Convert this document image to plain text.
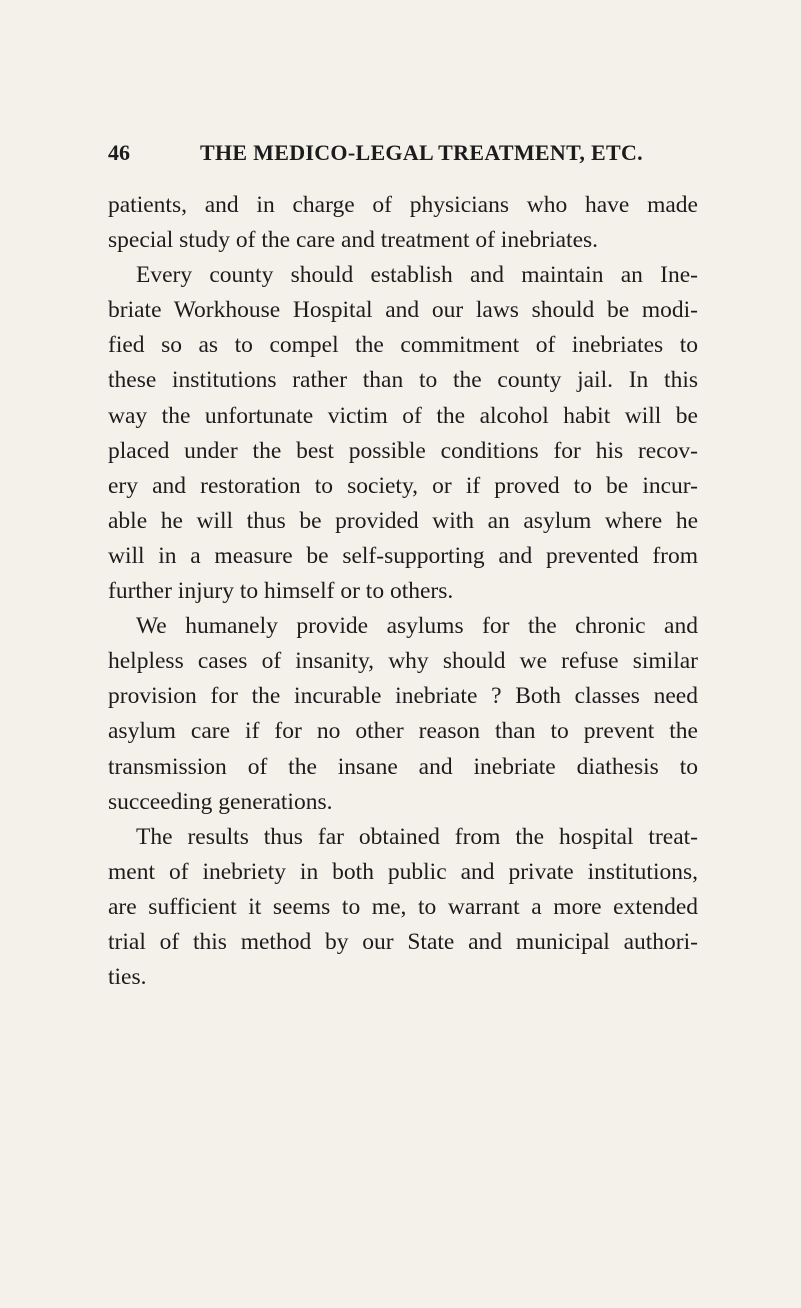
46	THE MEDICO-LEGAL TREATMENT, ETC.
patients, and in charge of physicians who have made
special study of the care and treatment of inebriates.
Every county should establish and maintain an Ine-
briate Workhouse Hospital and our laws should be modi-
fied so as to compel the commitment of inebriates to
these institutions rather than to the county jail. In this
way the unfortunate victim of the alcohol habit will be
placed under the best possible conditions for his recov-
ery and restoration to society, or if proved to be incur-
able he will thus be provided with an asylum where he
will in a measure be self-supporting and prevented from
further injury to himself or to others.
We humanely provide asylums for the chronic and
helpless cases of insanity, why should we refuse similar
provision for the incurable inebriate ? Both classes need
asylum care if for no other reason than to prevent the
transmission of the insane and inebriate diathesis to
succeeding generations.
The results thus far obtained from the hospital treat-
ment of inebriety in both public and private institutions,
are sufficient it seems to me, to warrant a more extended
trial of this method by our State and municipal authori-
ties.
